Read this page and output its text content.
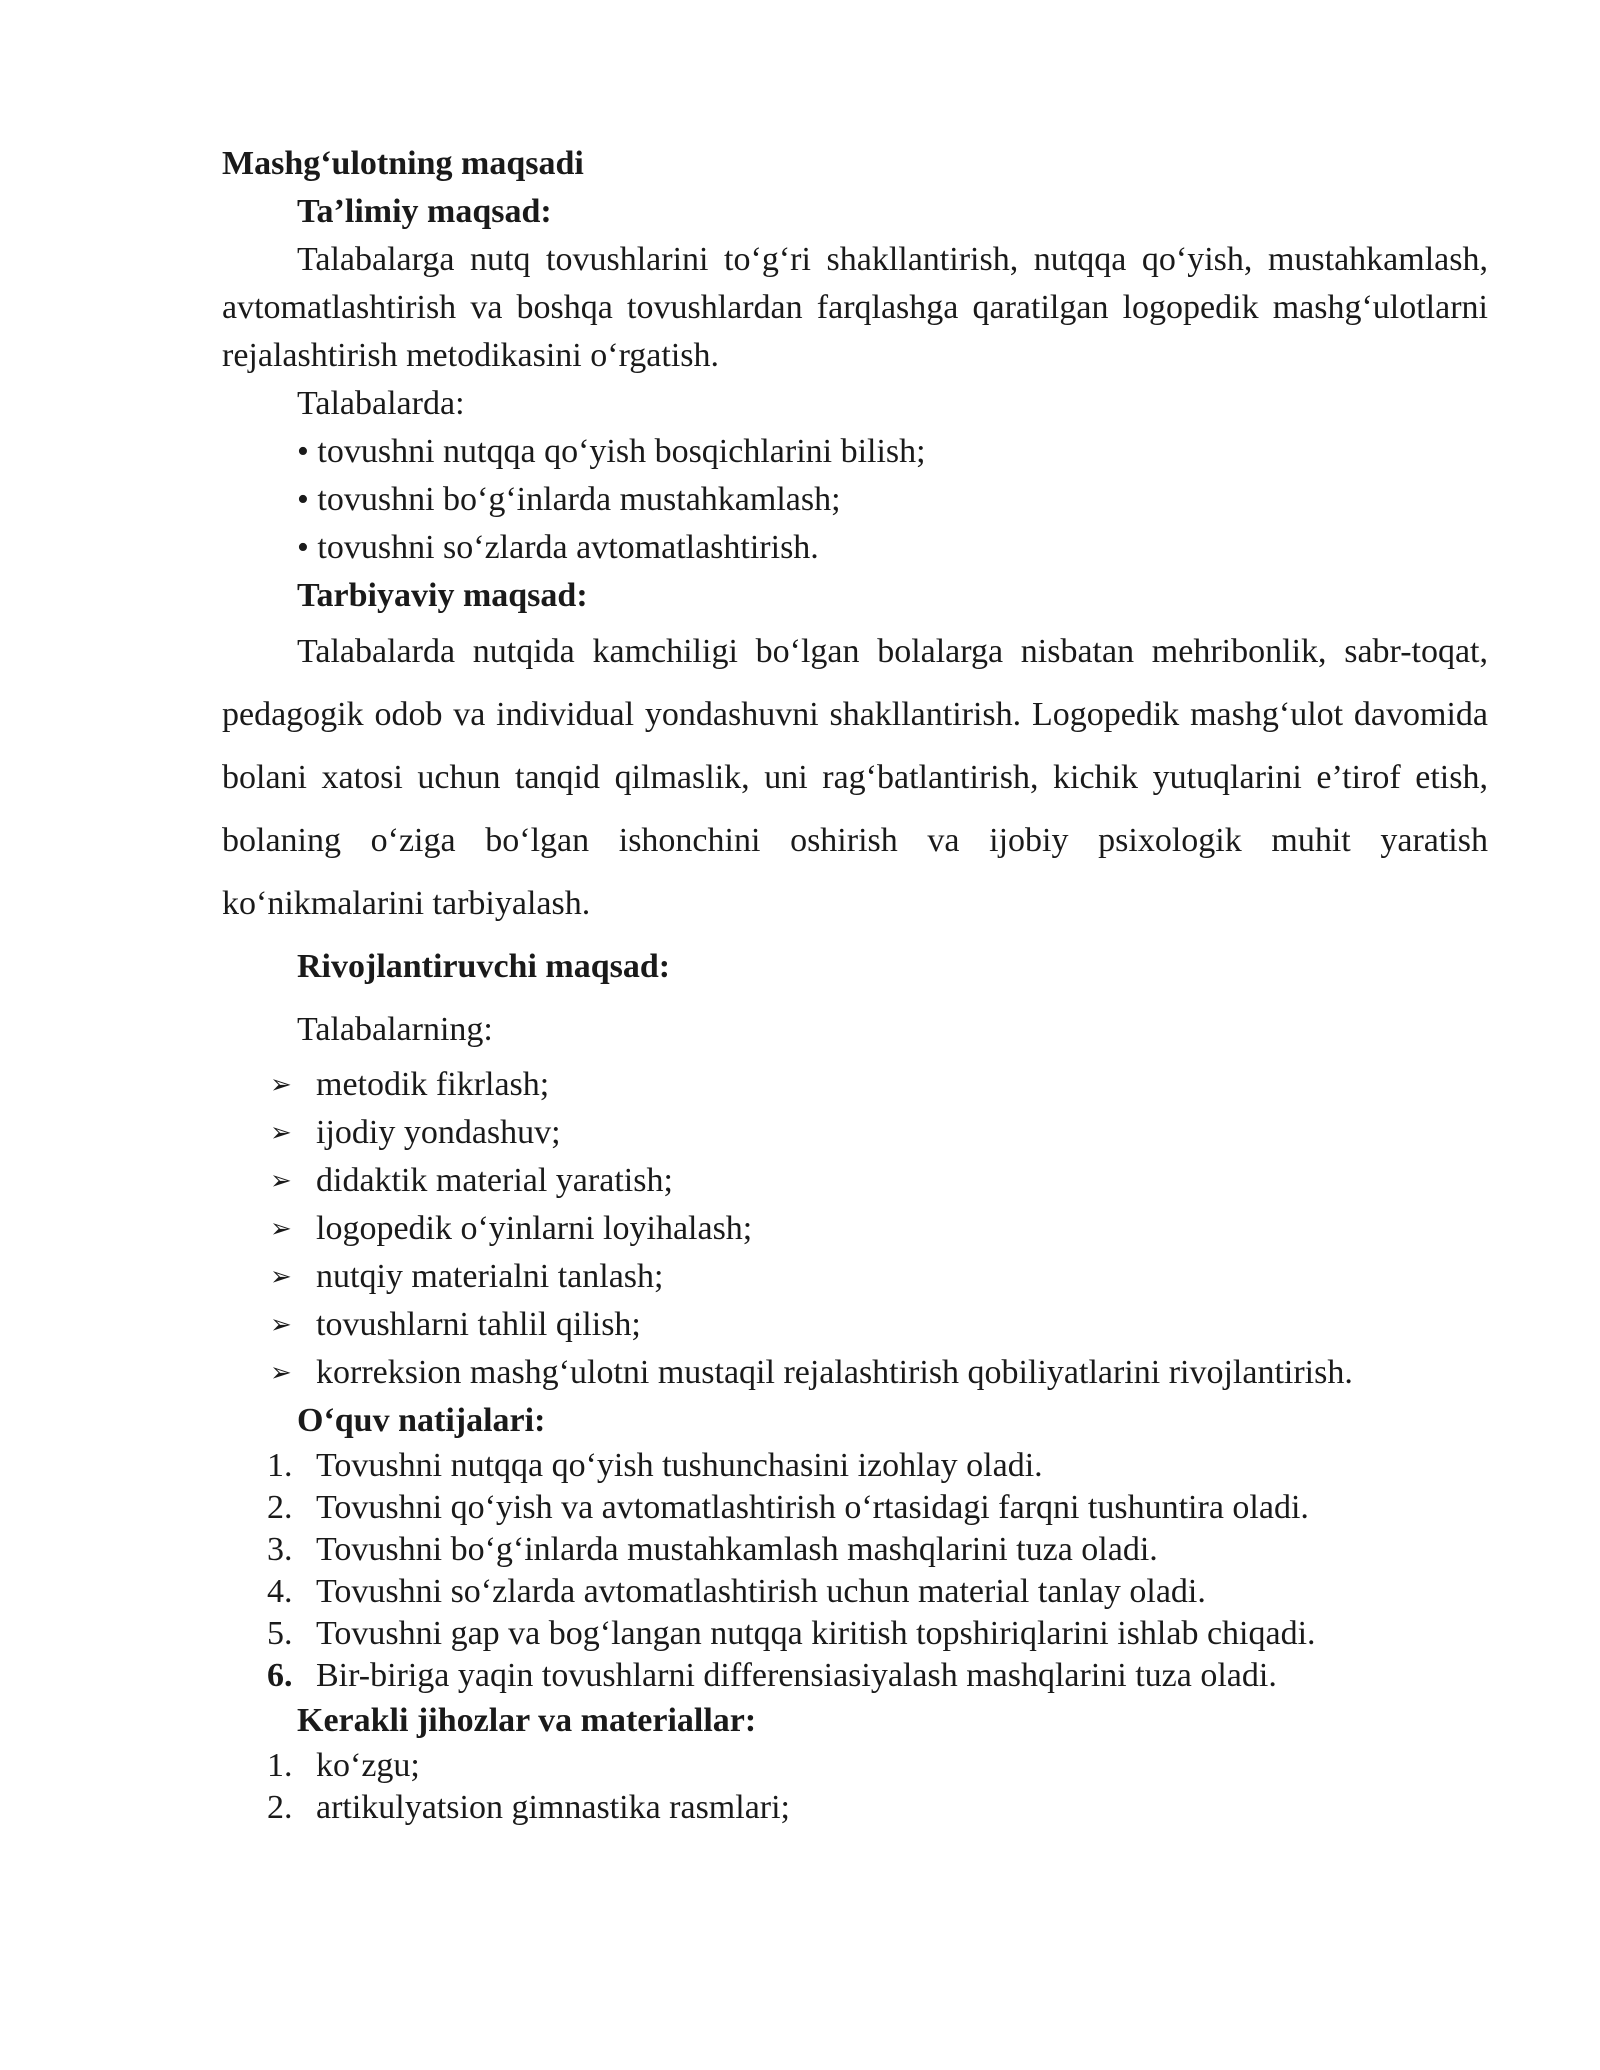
Mashg‘ulotning maqsadi
Ta’limiy maqsad:

Talabalarga nutq tovushlarini to‘g‘ri shakllantirish, nutqqa qo‘yish, mustahkamlash, avtomatlashtirish va boshqa tovushlardan farqlashga qaratilgan logopedik mashg‘ulotlarni rejalashtirish metodikasini o‘rgatish.

Talabalarda:
• tovushni nutqqa qo‘yish bosqichlarini bilish;
• tovushni bo‘g‘inlarda mustahkamlash;
• tovushni so‘zlarda avtomatlashtirish.
Tarbiyaviy maqsad:

Talabalarda nutqida kamchiligi bo‘lgan bolalarga nisbatan mehribonlik, sabr-toqat, pedagogik odob va individual yondashuvni shakllantirish. Logopedik mashg‘ulot davomida bolani xatosi uchun tanqid qilmaslik, uni rag‘batlantirish, kichik yutuqlarini e’tirof etish, bolaning o‘ziga bo‘lgan ishonchini oshirish va ijobiy psixologik muhit yaratish ko‘nikmalarini tarbiyalash.

Rivojlantiruvchi maqsad:
Talabalarning:
➢ metodik fikrlash;
➢ ijodiy yondashuv;
➢ didaktik material yaratish;
➢ logopedik o‘yinlarni loyihalash;
➢ nutqiy materialni tanlash;
➢ tovushlarni tahlil qilish;
➢ korreksion mashg‘ulotni mustaqil rejalashtirish qobiliyatlarini rivojlantirish.
O‘quv natijalari:
1. Tovushni nutqqa qo‘yish tushunchasini izohlay oladi.
2. Tovushni qo‘yish va avtomatlashtirish o‘rtasidagi farqni tushuntira oladi.
3. Tovushni bo‘g‘inlarda mustahkamlash mashqlarini tuza oladi.
4. Tovushni so‘zlarda avtomatlashtirish uchun material tanlay oladi.
5. Tovushni gap va bog‘langan nutqqa kiritish topshiriqlarini ishlab chiqadi.
6. Bir-biriga yaqin tovushlarni differensiasiyalash mashqlarini tuza oladi.
Kerakli jihozlar va materiallar:
1. ko‘zgu;
2. artikulyatsion gimnastika rasmlari;
